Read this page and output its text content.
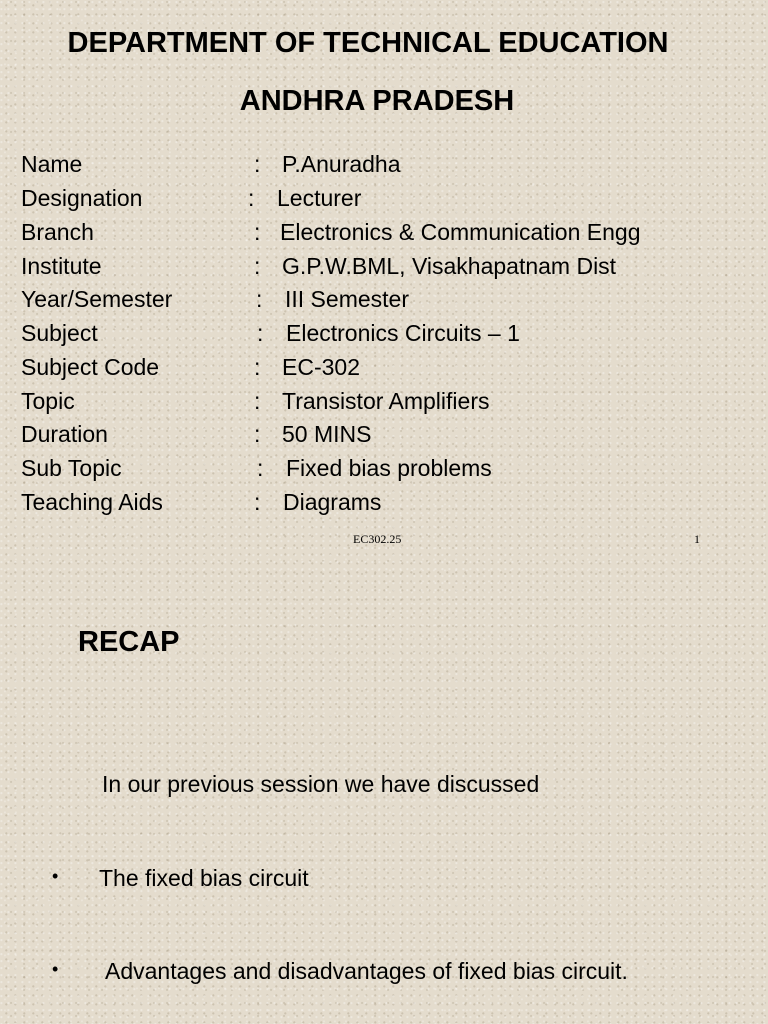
DEPARTMENT OF TECHNICAL EDUCATION
ANDHRA PRADESH
Name	: P.Anuradha
Designation	: Lecturer
Branch	: Electronics & Communication Engg
Institute	: G.P.W.BML, Visakhapatnam Dist
Year/Semester	: III Semester
Subject	: Electronics Circuits – 1
Subject Code	: EC-302
Topic	: Transistor Amplifiers
Duration	: 50 MINS
Sub Topic	: Fixed bias problems
Teaching Aids	: Diagrams
EC302.25	1
RECAP
In our previous session we have discussed
• The fixed bias circuit
• Advantages and disadvantages of fixed bias circuit.
